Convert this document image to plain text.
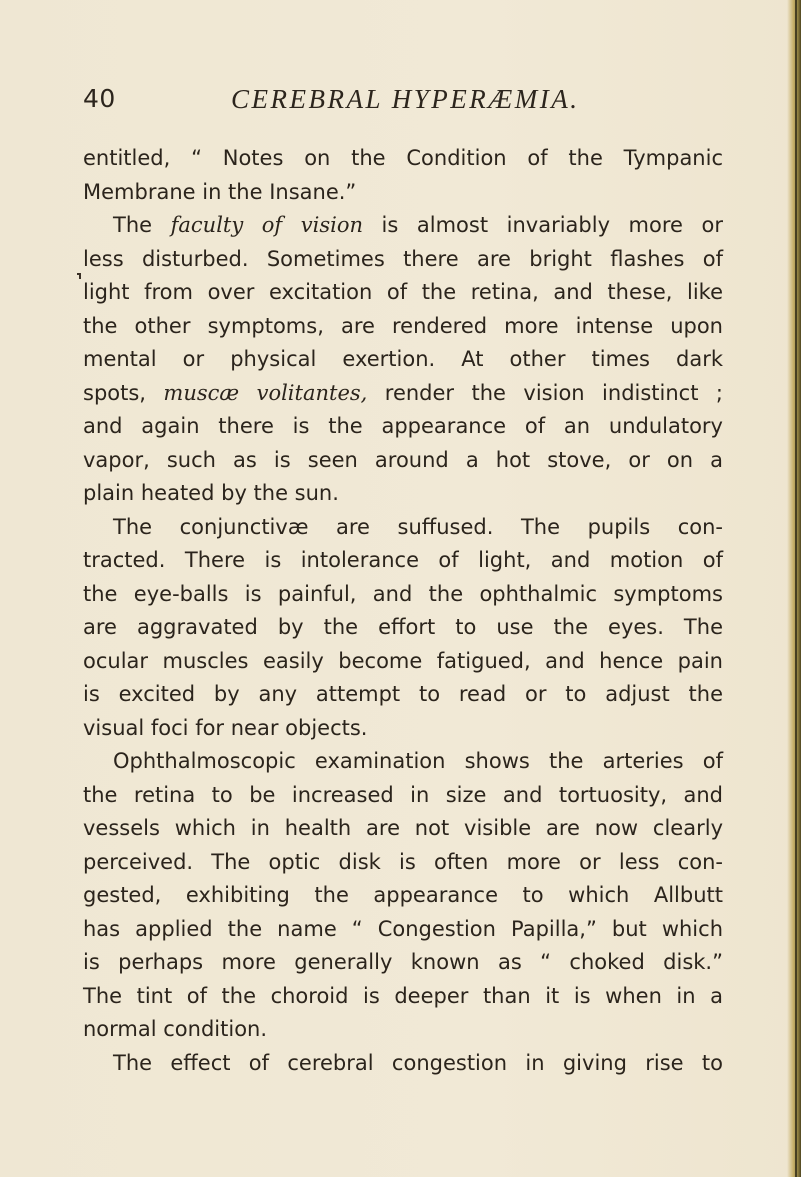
40	CEREBRAL HYPERÆMIA.
entitled, “ Notes on the Condition of the Tympanic
Membrane in the Insane.”
The faculty of vision is almost invariably more or
less disturbed. Sometimes there are bright flashes of
light from over excitation of the retina, and these, like
the other symptoms, are rendered more intense upon
mental or physical exertion. At other times dark
spots, muscæ volitantes, render the vision indistinct ;
and again there is the appearance of an undulatory
vapor, such as is seen around a hot stove, or on a
plain heated by the sun.
The conjunctivæ are suffused. The pupils con-
tracted. There is intolerance of light, and motion of
the eye-balls is painful, and the ophthalmic symptoms
are aggravated by the effort to use the eyes. The
ocular muscles easily become fatigued, and hence pain
is excited by any attempt to read or to adjust the
visual foci for near objects.
Ophthalmoscopic examination shows the arteries of
the retina to be increased in size and tortuosity, and
vessels which in health are not visible are now clearly
perceived. The optic disk is often more or less con-
gested, exhibiting the appearance to which Allbutt
has applied the name “ Congestion Papilla,” but which
is perhaps more generally known as “ choked disk.”
The tint of the choroid is deeper than it is when in a
normal condition.
The effect of cerebral congestion in giving rise to
